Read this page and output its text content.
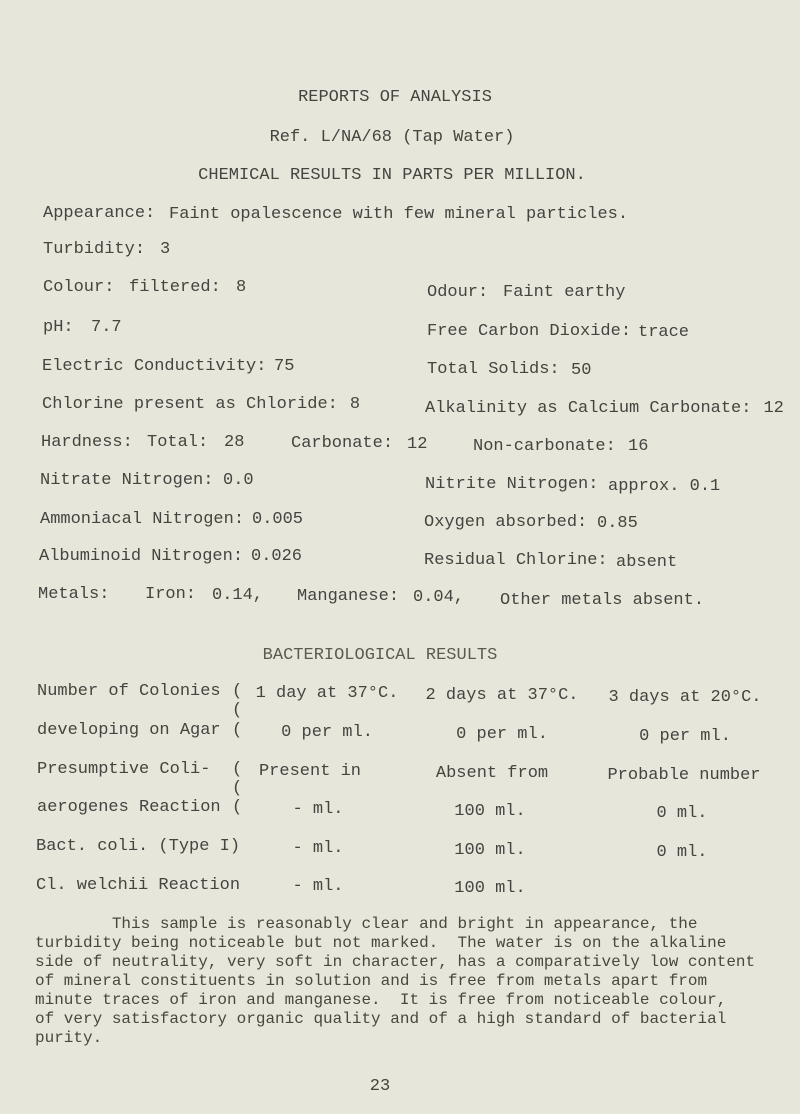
REPORTS OF ANALYSIS
Ref. L/NA/68 (Tap Water)
CHEMICAL RESULTS IN PARTS PER MILLION.
Appearance: Faint opalescence with few mineral particles.
Turbidity: 3
Colour: filtered: 8	Odour: Faint earthy
pH: 7.7	Free Carbon Dioxide: trace
Electric Conductivity: 75	Total Solids: 50
Chlorine present as Chloride: 8	Alkalinity as Calcium Carbonate: 12
Hardness: Total: 28	Carbonate: 12	Non-carbonate: 16
Nitrate Nitrogen: 0.0	Nitrite Nitrogen: approx. 0.1
Ammoniacal Nitrogen: 0.005	Oxygen absorbed: 0.85
Albuminoid Nitrogen: 0.026	Residual Chlorine: absent
Metals: Iron: 0.14, Manganese: 0.04, Other metals absent.
BACTERIOLOGICAL RESULTS
Number of Colonies ( 1 day at 37°C. 2 days at 37°C. 3 days at 20°C.
(
developing on Agar ( 0 per ml.	0 per ml.	0 per ml.
Presumptive Coli- ( Present in	Absent from	Probable number
(
aerogenes Reaction (	- ml.	100 ml.	0 ml.
Bact. coli. (Type I)	- ml.	100 ml.	0 ml.
Cl. welchii Reaction	- ml.	100 ml.
This sample is reasonably clear and bright in appearance, the
turbidity being noticeable but not marked.  The water is on the alkaline
side of neutrality, very soft in character, has a comparatively low content
of mineral constituents in solution and is free from metals apart from
minute traces of iron and manganese.  It is free from noticeable colour,
of very satisfactory organic quality and of a high standard of bacterial
purity.
23
